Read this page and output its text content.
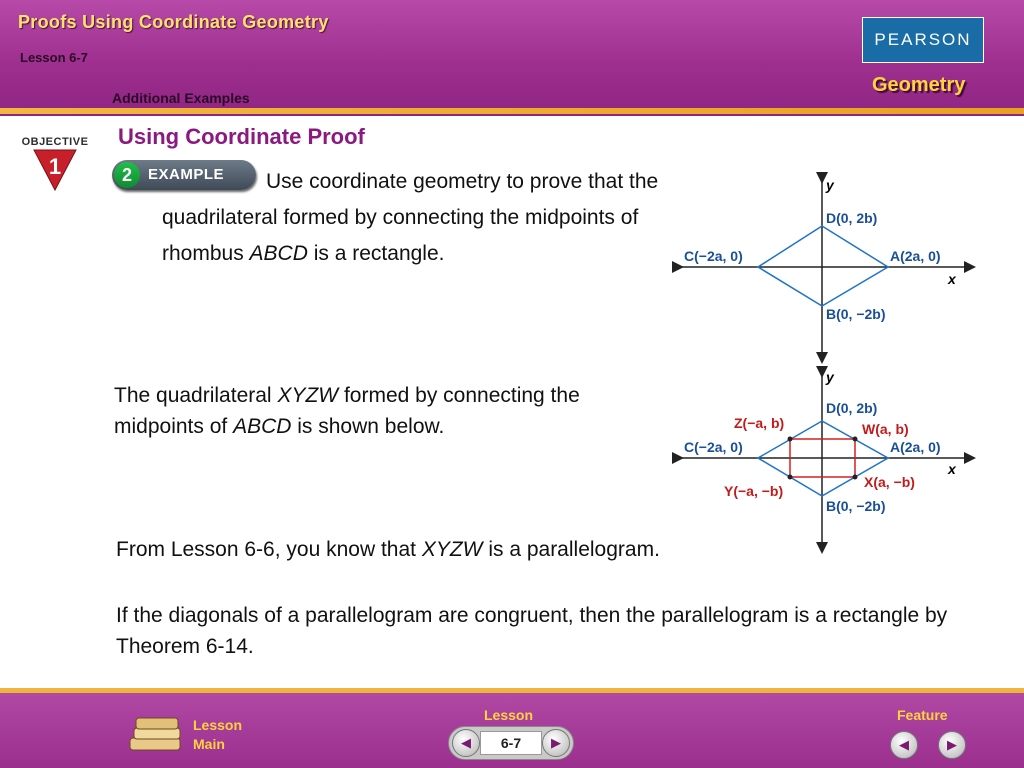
Proofs Using Coordinate Geometry
Lesson 6-7
Additional Examples
PEARSON
Geometry
OBJECTIVE
1
Using Coordinate Proof
2	EXAMPLE Use coordinate geometry to prove that the
quadrilateral formed by connecting the midpoints of
rhombus ABCD is a rectangle.
The quadrilateral XYZW formed by connecting the
midpoints of ABCD is shown below.
From Lesson 6-6, you know that XYZW is a parallelogram.
If the diagonals of a parallelogram are congruent, then the parallelogram is a rectangle by Theorem 6-14.
y
x
D(0, 2b)
C(−2a, 0)	A(2a, 0)
B(0, −2b)
y
x
D(0, 2b)
C(−2a, 0)	A(2a, 0)
B(0, −2b)
Z(−a, b)	W(a, b)
Y(−a, −b)
X(a, −b)
Lesson
Main
Lesson
◀	6-7	▶
Feature
◀	▶
